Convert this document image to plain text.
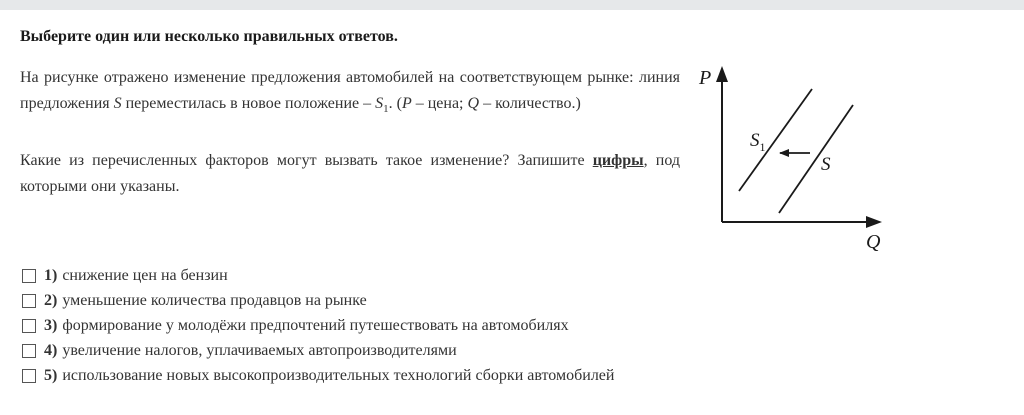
Выберите один или несколько правильных ответов.

На рисунке отражено изменение предложения автомобилей на соответствующем рынке: линия предложения S переместилась в новое положение – $S_1$. (P – цена; Q – количество.)

Какие из перечисленных факторов могут вызвать такое изменение? Запишите цифры, под которыми они указаны.

P
Q
$S_1$
S
1) снижение цен на бензин
2) уменьшение количества продавцов на рынке
3) формирование у молодёжи предпочтений путешествовать на автомобилях
4) увеличение налогов, уплачиваемых автопроизводителями
5) использование новых высокопроизводительных технологий сборки автомобилей
